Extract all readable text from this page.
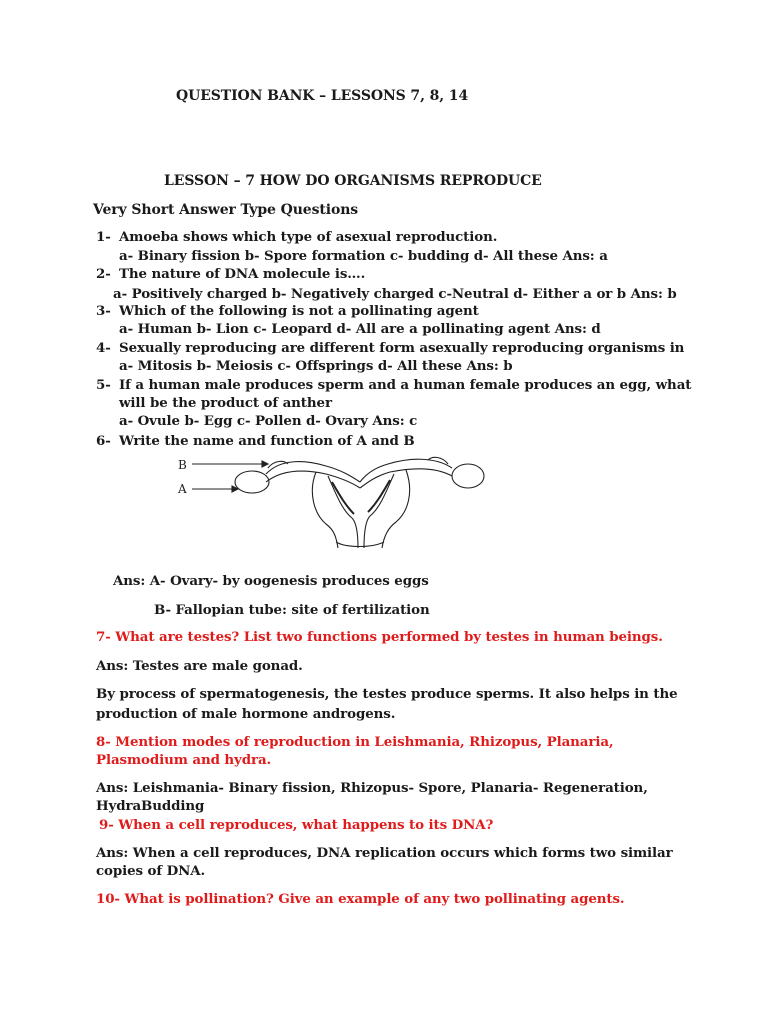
QUESTION BANK – LESSONS 7, 8, 14
LESSON – 7 HOW DO ORGANISMS REPRODUCE
Very Short Answer Type Questions
1- Amoeba shows which type of asexual reproduction.
a- Binary fission b- Spore formation c- budding d- All these Ans: a
2- The nature of DNA molecule is….
a- Positively charged b- Negatively charged c-Neutral d- Either a or b Ans: b
3- Which of the following is not a pollinating agent
a- Human b- Lion c- Leopard d- All are a pollinating agent Ans: d
4- Sexually reproducing are different form asexually reproducing organisms in
a- Mitosis b- Meiosis c- Offsprings d- All these Ans: b
5- If a human male produces sperm and a human female produces an egg, what
will be the product of anther
a- Ovule b- Egg c- Pollen d- Ovary Ans: c
6- Write the name and function of A and B
B
A
Ans: A- Ovary- by oogenesis produces eggs
B- Fallopian tube: site of fertilization
7- What are testes? List two functions performed by testes in human beings.
Ans: Testes are male gonad.
By process of spermatogenesis, the testes produce sperms. It also helps in the
production of male hormone androgens.
8- Mention modes of reproduction in Leishmania, Rhizopus, Planaria,
Plasmodium and hydra.
Ans: Leishmania- Binary fission, Rhizopus- Spore, Planaria- Regeneration,
HydraBudding
9- When a cell reproduces, what happens to its DNA?
Ans: When a cell reproduces, DNA replication occurs which forms two similar
copies of DNA.
10- What is pollination? Give an example of any two pollinating agents.
